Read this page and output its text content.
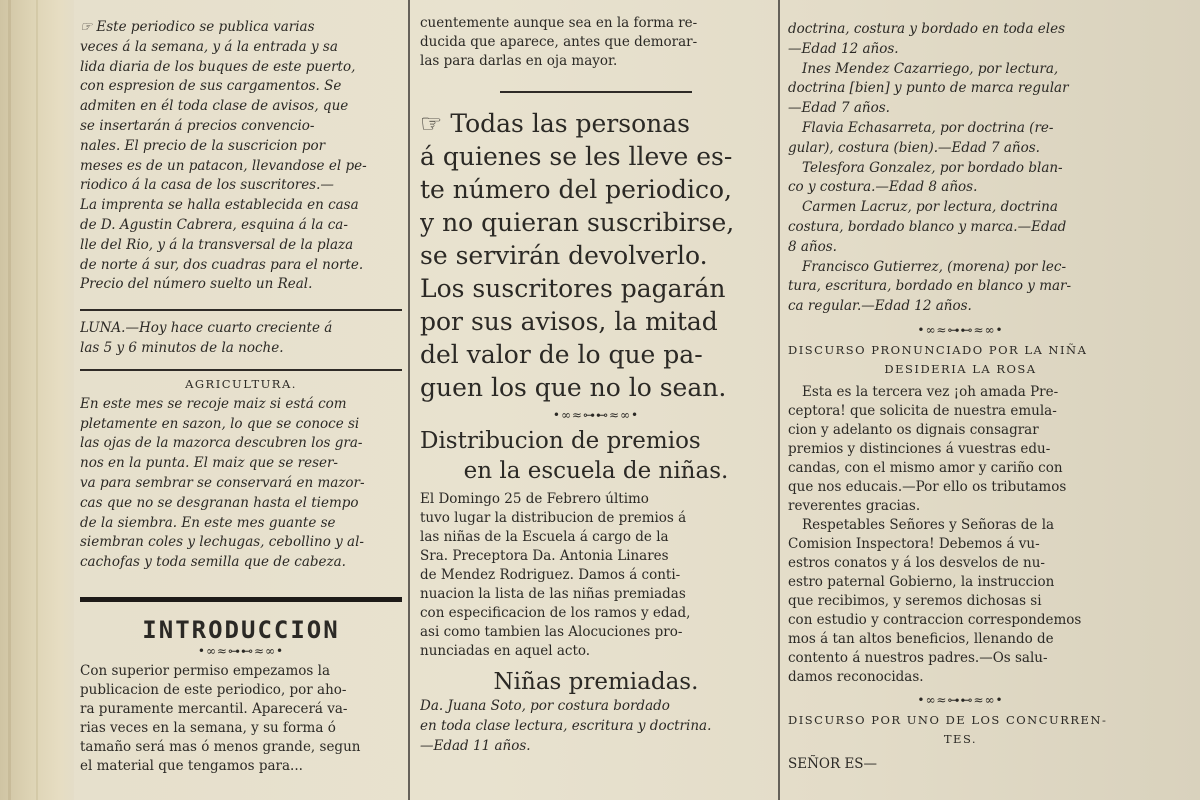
☞ Este periodico se publica varias
veces á la semana, y á la entrada y sa
lida diaria de los buques de este puerto,
con espresion de sus cargamentos. Se
admiten en él toda clase de avisos, que
se insertarán á precios convencio-
nales. El precio de la suscricion por
meses es de un patacon, llevandose el pe-
riodico á la casa de los suscritores.—
La imprenta se halla establecida en casa
de D. Agustin Cabrera, esquina á la ca-
lle del Rio, y á la transversal de la plaza
de norte á sur, dos cuadras para el norte.
Precio del número suelto un Real.
LUNA.—Hoy hace cuarto creciente á
las 5 y 6 minutos de la noche.
AGRICULTURA.
En este mes se recoje maiz si está com
pletamente en sazon, lo que se conoce si
las ojas de la mazorca descubren los gra-
nos en la punta. El maiz que se reser-
va para sembrar se conservará en mazor-
cas que no se desgranan hasta el tiempo
de la siembra. En este mes guante se
siembran coles y lechugas, cebollino y al-
cachofas y toda semilla que de cabeza.
INTRODUCCION
•∞≈⊶⊷≈∞•
Con superior permiso empezamos la
publicacion de este periodico, por aho-
ra puramente mercantil. Aparecerá va-
rias veces en la semana, y su forma ó
tamaño será mas ó menos grande, segun
el material que tengamos para...
cuentemente aunque sea en la forma re-
ducida que aparece, antes que demorar-
las para darlas en oja mayor.
☞ Todas las personas
á quienes se les lleve es-
te número del periodico,
y no quieran suscribirse,
se servirán devolverlo.
Los suscritores pagarán
por sus avisos, la mitad
del valor de lo que pa-
guen los que no lo sean.
•∞≈⊶⊷≈∞•
Distribucion de premios
en la escuela de niñas.
El Domingo 25 de Febrero último
tuvo lugar la distribucion de premios á
las niñas de la Escuela á cargo de la
Sra. Preceptora Da. Antonia Linares
de Mendez Rodriguez. Damos á conti-
nuacion la lista de las niñas premiadas
con especificacion de los ramos y edad,
asi como tambien las Alocuciones pro-
nunciadas en aquel acto.
Niñas premiadas.
Da. Juana Soto, por costura bordado
en toda clase lectura, escritura y doctrina.
—Edad 11 años.
doctrina, costura y bordado en toda eles
—Edad 12 años.
Ines Mendez Cazarriego, por lectura,
doctrina [bien] y punto de marca regular
—Edad 7 años.
Flavia Echasarreta, por doctrina (re-
gular), costura (bien).—Edad 7 años.
Telesfora Gonzalez, por bordado blan-
co y costura.—Edad 8 años.
Carmen Lacruz, por lectura, doctrina
costura, bordado blanco y marca.—Edad
8 años.
Francisco Gutierrez, (morena) por lec-
tura, escritura, bordado en blanco y mar-
ca regular.—Edad 12 años.
•∞≈⊶⊷≈∞•
DISCURSO PRONUNCIADO POR LA NIÑA
DESIDERIA LA ROSA
Esta es la tercera vez ¡oh amada Pre-
ceptora! que solicita de nuestra emula-
cion y adelanto os dignais consagrar
premios y distinciones á vuestras edu-
candas, con el mismo amor y cariño con
que nos educais.—Por ello os tributamos
reverentes gracias.
Respetables Señores y Señoras de la
Comision Inspectora! Debemos á vu-
estros conatos y á los desvelos de nu-
estro paternal Gobierno, la instruccion
que recibimos, y seremos dichosas si
con estudio y contraccion correspondemos
mos á tan altos beneficios, llenando de
contento á nuestros padres.—Os salu-
damos reconocidas.
•∞≈⊶⊷≈∞•
DISCURSO POR UNO DE LOS CONCURREN-
TES.
SEÑOR ES—
